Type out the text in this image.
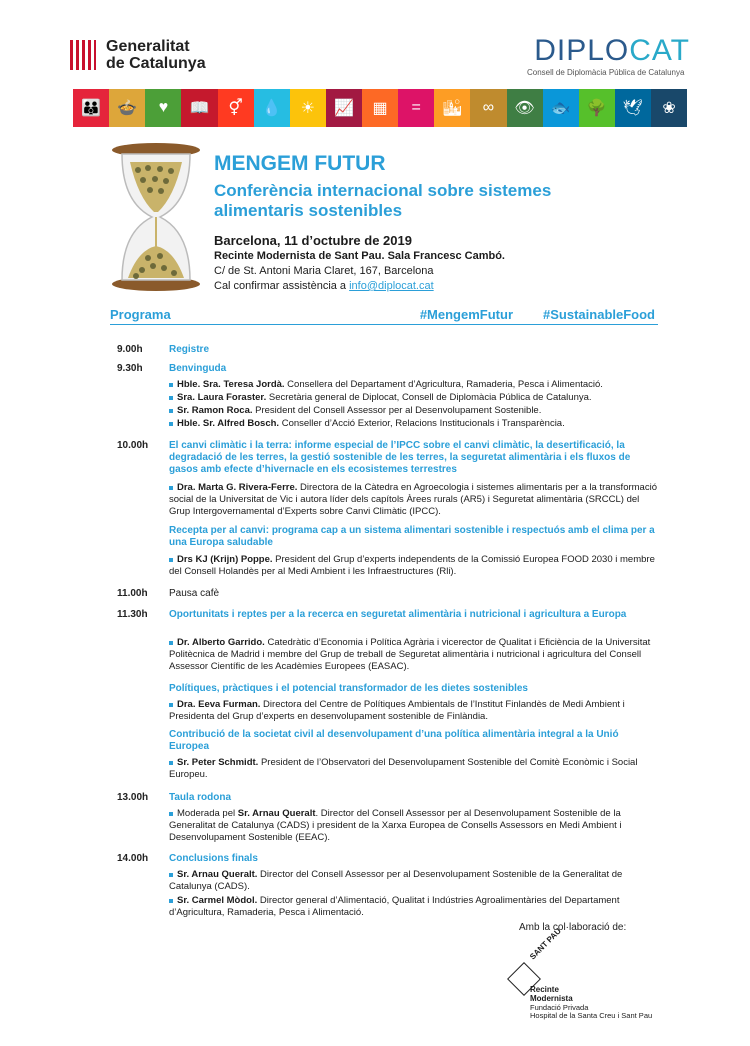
Generalitat
de Catalunya	DIPLOCAT
Consell de Diplomàcia Pública de Catalunya
👪	🍲	♥	📖	⚥	💧	☀	📈	▦	=	🏙	∞	👁	🐟	🌳	🕊	❀
MENGEM FUTUR
Conferència internacional sobre sistemes alimentaris sostenibles
Barcelona, 11 d’octubre de 2019
Recinte Modernista de Sant Pau. Sala Francesc Cambó.
C/ de St. Antoni Maria Claret, 167, Barcelona
Cal confirmar assistència a info@diplocat.cat
Programa	#MengemFutur #SustainableFood
9.00h	Registre
9.30h	Benvinguda
Hble. Sra. Teresa Jordà. Consellera del Departament d’Agricultura, Ramaderia, Pesca i Alimentació.
Sra. Laura Foraster. Secretària general de Diplocat, Consell de Diplomàcia Pública de Catalunya.
Sr. Ramon Roca. President del Consell Assessor per al Desenvolupament Sostenible.
Hble. Sr. Alfred Bosch. Conseller d’Acció Exterior, Relacions Institucionals i Transparència.
10.00h El canvi climàtic i la terra: informe especial de l’IPCC sobre el canvi climàtic, la desertificació, la degradació de les terres, la gestió sostenible de les terres, la seguretat alimentària i els fluxos de gasos amb efecte d’hivernacle en els ecosistemes terrestres
Dra. Marta G. Rivera-Ferre. Directora de la Càtedra en Agroecologia i sistemes alimentaris per a la transformació social de la Universitat de Vic i autora líder dels capítols Àrees rurals (AR5) i Seguretat alimentària (SRCCL) del Grup Intergovernamental d’Experts sobre Canvi Climàtic (IPCC).
Recepta per al canvi: programa cap a un sistema alimentari sostenible i respectuós amb el clima per a una Europa saludable
Drs KJ (Krijn) Poppe. President del Grup d’experts independents de la Comissió Europea FOOD 2030 i membre del Consell Holandès per al Medi Ambient i les Infraestructures (Rli).
11.00h Pausa cafè
11.30h Oportunitats i reptes per a la recerca en seguretat alimentària i nutricional i agricultura a Europa
Dr. Alberto Garrido. Catedràtic d’Economia i Política Agrària i vicerector de Qualitat i Eficiència de la Universitat Politècnica de Madrid i membre del Grup de treball de Seguretat alimentària i nutricional i agricultura del Consell Assessor Científic de les Acadèmies Europees (EASAC).
Polítiques, pràctiques i el potencial transformador de les dietes sostenibles
Dra. Eeva Furman. Directora del Centre de Polítiques Ambientals de l’Institut Finlandès de Medi Ambient i Presidenta del Grup d’experts en desenvolupament sostenible de Finlàndia.
Contribució de la societat civil al desenvolupament d’una política alimentària integral a la Unió Europea
Sr. Peter Schmidt. President de l’Observatori del Desenvolupament Sostenible del Comitè Econòmic i Social Europeu.
13.00h Taula rodona
Moderada pel Sr. Arnau Queralt. Director del Consell Assessor per al Desenvolupament Sostenible de la Generalitat de Catalunya (CADS) i president de la Xarxa Europea de Consells Assessors en Medi Ambient i Desenvolupament Sostenible (EEAC).
14.00h Conclusions finals
Sr. Arnau Queralt. Director del Consell Assessor per al Desenvolupament Sostenible de la Generalitat de Catalunya (CADS).
Sr. Carmel Mòdol. Director general d’Alimentació, Qualitat i Indústries Agroalimentàries del Departament d’Agricultura, Ramaderia, Pesca i Alimentació.
Amb la col·laboració de:
SANT PAU
Recinte
Modernista
Fundació Privada
Hospital de la Santa Creu i Sant Pau
